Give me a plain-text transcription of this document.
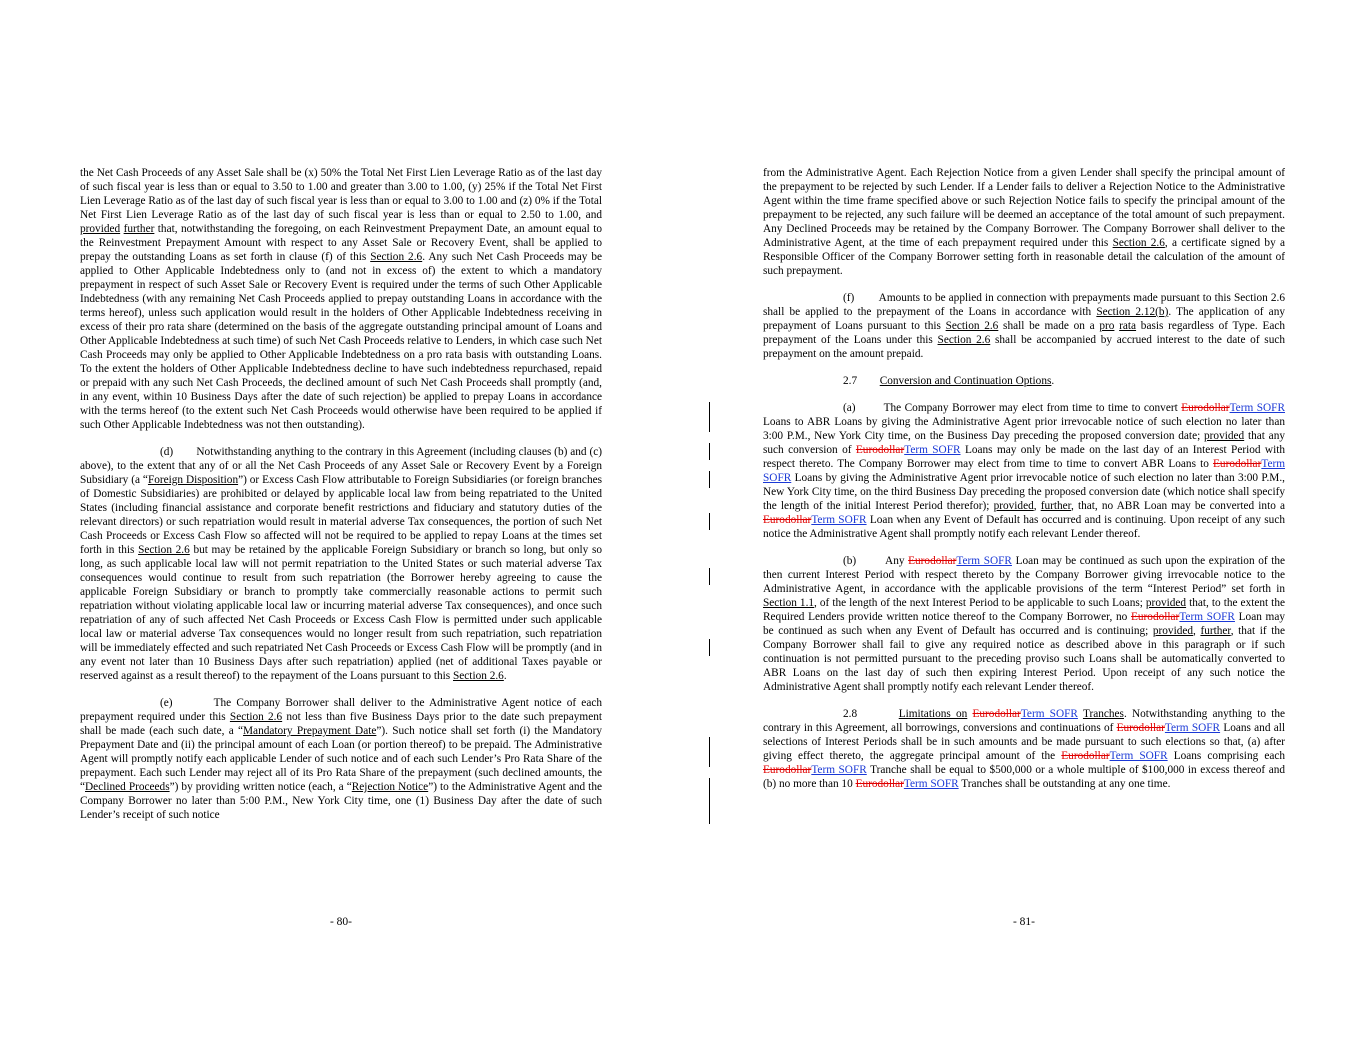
the Net Cash Proceeds of any Asset Sale shall be (x) 50% the Total Net First Lien Leverage Ratio as of the last day of such fiscal year is less than or equal to 3.50 to 1.00 and greater than 3.00 to 1.00, (y) 25% if the Total Net First Lien Leverage Ratio as of the last day of such fiscal year is less than or equal to 3.00 to 1.00 and (z) 0% if the Total Net First Lien Leverage Ratio as of the last day of such fiscal year is less than or equal to 2.50 to 1.00, and provided further that, notwithstanding the foregoing, on each Reinvestment Prepayment Date, an amount equal to the Reinvestment Prepayment Amount with respect to any Asset Sale or Recovery Event, shall be applied to prepay the outstanding Loans as set forth in clause (f) of this Section 2.6. Any such Net Cash Proceeds may be applied to Other Applicable Indebtedness only to (and not in excess of) the extent to which a mandatory prepayment in respect of such Asset Sale or Recovery Event is required under the terms of such Other Applicable Indebtedness (with any remaining Net Cash Proceeds applied to prepay outstanding Loans in accordance with the terms hereof), unless such application would result in the holders of Other Applicable Indebtedness receiving in excess of their pro rata share (determined on the basis of the aggregate outstanding principal amount of Loans and Other Applicable Indebtedness at such time) of such Net Cash Proceeds relative to Lenders, in which case such Net Cash Proceeds may only be applied to Other Applicable Indebtedness on a pro rata basis with outstanding Loans. To the extent the holders of Other Applicable Indebtedness decline to have such indebtedness repurchased, repaid or prepaid with any such Net Cash Proceeds, the declined amount of such Net Cash Proceeds shall promptly (and, in any event, within 10 Business Days after the date of such rejection) be applied to prepay Loans in accordance with the terms hereof (to the extent such Net Cash Proceeds would otherwise have been required to be applied if such Other Applicable Indebtedness was not then outstanding).

(d) Notwithstanding anything to the contrary in this Agreement (including clauses (b) and (c) above), to the extent that any of or all the Net Cash Proceeds of any Asset Sale or Recovery Event by a Foreign Subsidiary (a “Foreign Disposition”) or Excess Cash Flow attributable to Foreign Subsidiaries (or foreign branches of Domestic Subsidiaries) are prohibited or delayed by applicable local law from being repatriated to the United States (including financial assistance and corporate benefit restrictions and fiduciary and statutory duties of the relevant directors) or such repatriation would result in material adverse Tax consequences, the portion of such Net Cash Proceeds or Excess Cash Flow so affected will not be required to be applied to repay Loans at the times set forth in this Section 2.6 but may be retained by the applicable Foreign Subsidiary or branch so long, but only so long, as such applicable local law will not permit repatriation to the United States or such material adverse Tax consequences would continue to result from such repatriation (the Borrower hereby agreeing to cause the applicable Foreign Subsidiary or branch to promptly take commercially reasonable actions to permit such repatriation without violating applicable local law or incurring material adverse Tax consequences), and once such repatriation of any of such affected Net Cash Proceeds or Excess Cash Flow is permitted under such applicable local law or material adverse Tax consequences would no longer result from such repatriation, such repatriation will be immediately effected and such repatriated Net Cash Proceeds or Excess Cash Flow will be promptly (and in any event not later than 10 Business Days after such repatriation) applied (net of additional Taxes payable or reserved against as a result thereof) to the repayment of the Loans pursuant to this Section 2.6.

(e)	The Company Borrower shall deliver to the Administrative Agent notice of each prepayment required under this Section 2.6 not less than five Business Days prior to the date such prepayment shall be made (each such date, a “Mandatory Prepayment Date”). Such notice shall set forth (i) the Mandatory Prepayment Date and (ii) the principal amount of each Loan (or portion thereof) to be prepaid. The Administrative Agent will promptly notify each applicable Lender of such notice and of each such Lender’s Pro Rata Share of the prepayment. Each such Lender may reject all of its Pro Rata Share of the prepayment (such declined amounts, the “Declined Proceeds”) by providing written notice (each, a “Rejection Notice”) to the Administrative Agent and the Company Borrower no later than 5:00 P.M., New York City time, one (1) Business Day after the date of such Lender’s receipt of such notice

- 80-

from the Administrative Agent. Each Rejection Notice from a given Lender shall specify the principal amount of the prepayment to be rejected by such Lender. If a Lender fails to deliver a Rejection Notice to the Administrative Agent within the time frame specified above or such Rejection Notice fails to specify the principal amount of the prepayment to be rejected, any such failure will be deemed an acceptance of the total amount of such prepayment. Any Declined Proceeds may be retained by the Company Borrower. The Company Borrower shall deliver to the Administrative Agent, at the time of each prepayment required under this Section 2.6, a certificate signed by a Responsible Officer of the Company Borrower setting forth in reasonable detail the calculation of the amount of such prepayment.

(f) Amounts to be applied in connection with prepayments made pursuant to this Section 2.6 shall be applied to the prepayment of the Loans in accordance with Section 2.12(b). The application of any prepayment of Loans pursuant to this Section 2.6 shall be made on a pro rata basis regardless of Type. Each prepayment of the Loans under this Section 2.6 shall be accompanied by accrued interest to the date of such prepayment on the amount prepaid.

2.7 Conversion and Continuation Options.

(a) The Company Borrower may elect from time to time to convert EurodollarTerm SOFR Loans to ABR Loans by giving the Administrative Agent prior irrevocable notice of such election no later than 3:00 P.M., New York City time, on the Business Day preceding the proposed conversion date; provided that any such conversion of EurodollarTerm SOFR Loans may only be made on the last day of an Interest Period with respect thereto. The Company Borrower may elect from time to time to convert ABR Loans to EurodollarTerm SOFR Loans by giving the Administrative Agent prior irrevocable notice of such election no later than 3:00 P.M., New York City time, on the third Business Day preceding the proposed conversion date (which notice shall specify the length of the initial Interest Period therefor); provided, further, that, no ABR Loan may be converted into a EurodollarTerm SOFR Loan when any Event of Default has occurred and is continuing. Upon receipt of any such notice the Administrative Agent shall promptly notify each relevant Lender thereof.

(b)	Any EurodollarTerm SOFR Loan may be continued as such upon the expiration of the then current Interest Period with respect thereto by the Company Borrower giving irrevocable notice to the Administrative Agent, in accordance with the applicable provisions of the term “Interest Period” set forth in Section 1.1, of the length of the next Interest Period to be applicable to such Loans; provided that, to the extent the Required Lenders provide written notice thereof to the Company Borrower, no EurodollarTerm SOFR Loan may be continued as such when any Event of Default has occurred and is continuing; provided, further, that if the Company Borrower shall fail to give any required notice as described above in this paragraph or if such continuation is not permitted pursuant to the preceding proviso such Loans shall be automatically converted to ABR Loans on the last day of such then expiring Interest Period. Upon receipt of any such notice the Administrative Agent shall promptly notify each relevant Lender thereof.

2.8	Limitations on EurodollarTerm SOFR Tranches. Notwithstanding anything to the contrary in this Agreement, all borrowings, conversions and continuations of EurodollarTerm SOFR Loans and all selections of Interest Periods shall be in such amounts and be made pursuant to such elections so that, (a) after giving effect thereto, the aggregate principal amount of the EurodollarTerm SOFR Loans comprising each EurodollarTerm SOFR Tranche shall be equal to $500,000 or a whole multiple of $100,000 in excess thereof and (b) no more than 10 EurodollarTerm SOFR Tranches shall be outstanding at any one time.

- 81-
